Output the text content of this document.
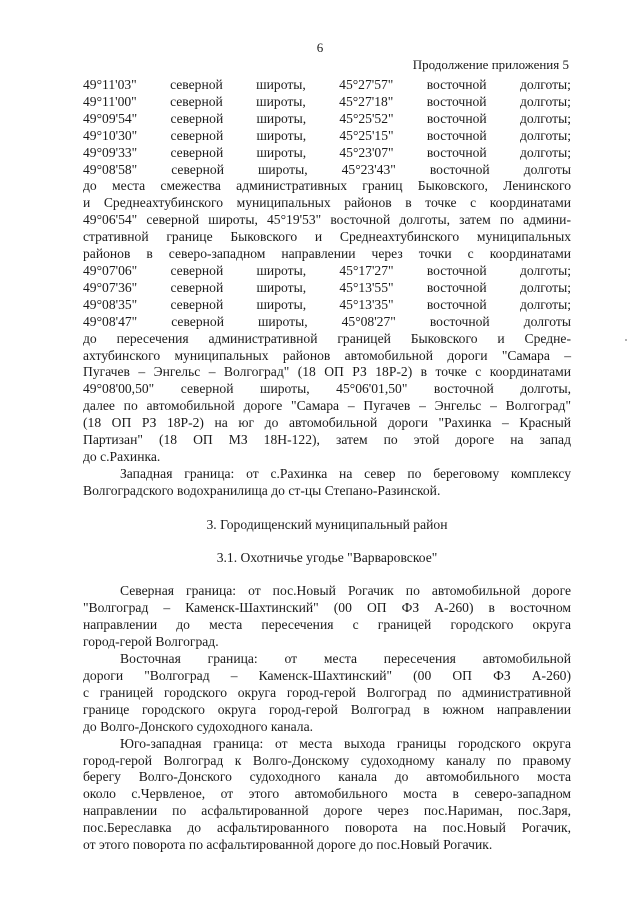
6
Продолжение приложения 5
49°11'03" северной широты, 45°27'57" восточной долготы;
49°11'00" северной широты, 45°27'18" восточной долготы;
49°09'54" северной широты, 45°25'52" восточной долготы;
49°10'30" северной широты, 45°25'15" восточной долготы;
49°09'33" северной широты, 45°23'07" восточной долготы;
49°08'58"	северной	широты,	45°23'43"	восточной	долготы
до места смежества административных границ Быковского, Ленинского
и Среднеахтубинского муниципальных районов в точке с координатами
49°06'54" северной широты, 45°19'53" восточной долготы, затем по админи-
стративной границе Быковского и Среднеахтубинского муниципальных
районов в северо-западном направлении через точки с координатами
49°07'06" северной широты, 45°17'27" восточной долготы;
49°07'36" северной широты, 45°13'55" восточной долготы;
49°08'35" северной широты, 45°13'35" восточной долготы;
49°08'47"	северной	широты,	45°08'27"	восточной	долготы
до пересечения административной границей Быковского и Средне-
ахтубинского муниципальных районов автомобильной дороги "Самара –
Пугачев – Энгельс – Волгоград" (18 ОП РЗ 18Р-2) в точке с координатами
49°08'00,50" северной широты, 45°06'01,50" восточной долготы,
далее по автомобильной дороге "Самара – Пугачев – Энгельс – Волгоград"
(18 ОП РЗ 18Р-2) на юг до автомобильной дороги "Рахинка – Красный
Партизан" (18 ОП МЗ 18Н-122), затем по этой дороге на запад
до с.Рахинка.
Западная граница: от с.Рахинка на север по береговому комплексу
Волгоградского водохранилища до ст-цы Степано-Разинской.
3. Городищенский муниципальный район
3.1. Охотничье угодье "Варваровское"
Северная граница: от пос.Новый Рогачик по автомобильной дороге
"Волгоград – Каменск-Шахтинский" (00 ОП ФЗ А-260) в восточном
направлении до места пересечения с границей городского округа
город-герой Волгоград.
Восточная граница: от места пересечения автомобильной
дороги "Волгоград – Каменск-Шахтинский" (00 ОП ФЗ А-260)
с границей городского округа город-герой Волгоград по административной
границе городского округа город-герой Волгоград в южном направлении
до Волго-Донского судоходного канала.
Юго-западная граница: от места выхода границы городского округа
город-герой Волгоград к Волго-Донскому судоходному каналу по правому
берегу Волго-Донского судоходного канала до автомобильного моста
около с.Червленое, от этого автомобильного моста в северо-западном
направлении по асфальтированной дороге через пос.Нариман, пос.Заря,
пос.Береславка до асфальтированного поворота на пос.Новый Рогачик,
от этого поворота по асфальтированной дороге до пос.Новый Рогачик.
